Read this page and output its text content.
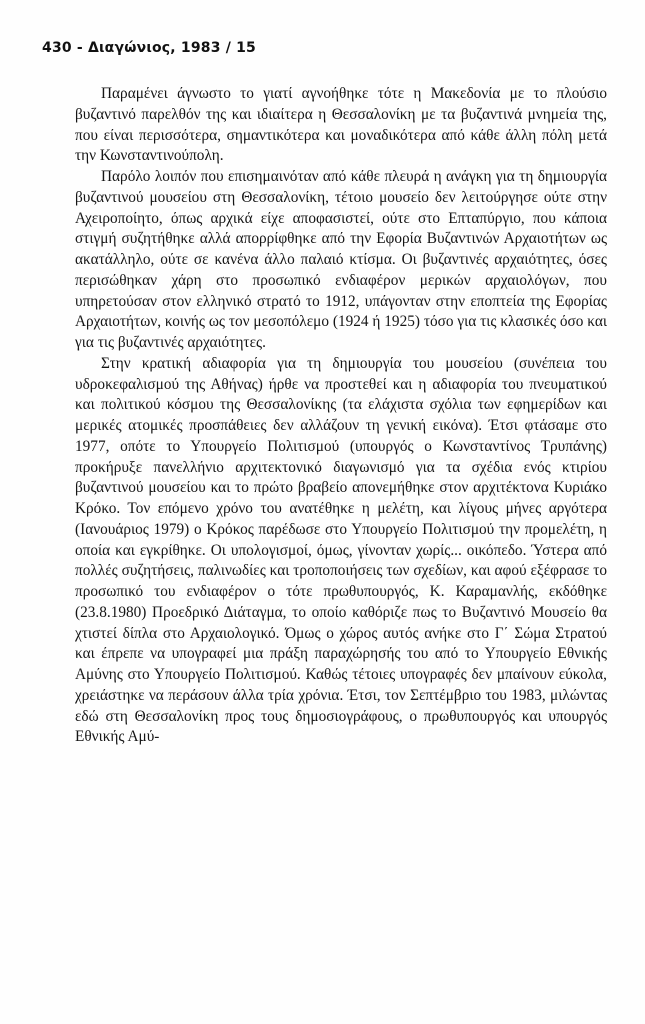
430 - Διαγώνιος, 1983 / 15

Παραμένει άγνωστο το γιατί αγνοήθηκε τότε η Μακεδονία με το πλούσιο βυζαντινό παρελθόν της και ιδιαίτερα η Θεσσαλονίκη με τα βυζαντινά μνημεία της, που είναι περισσότερα, σημαντικότερα και μοναδικότερα από κάθε άλλη πόλη μετά την Κωνσταντινούπολη.

Παρόλο λοιπόν που επισημαινόταν από κάθε πλευρά η ανάγκη για τη δημιουργία βυζαντινού μουσείου στη Θεσσαλονίκη, τέτοιο μουσείο δεν λειτούργησε ούτε στην Αχειροποίητο, όπως αρχικά είχε αποφασιστεί, ούτε στο Επταπύργιο, που κάποια στιγμή συζητήθηκε αλλά απορρίφθηκε από την Εφορία Βυζαντινών Αρχαιοτήτων ως ακατάλληλο, ούτε σε κανένα άλλο παλαιό κτίσμα. Οι βυζαντινές αρχαιότητες, όσες περισώθηκαν χάρη στο προσωπικό ενδιαφέρον μερικών αρχαιολόγων, που υπηρετούσαν στον ελληνικό στρατό το 1912, υπάγονταν στην εποπτεία της Εφορίας Αρχαιοτήτων, κοινής ως τον μεσοπόλεμο (1924 ή 1925) τόσο για τις κλασικές όσο και για τις βυζαντινές αρχαιότητες.

Στην κρατική αδιαφορία για τη δημιουργία του μουσείου (συνέπεια του υδροκεφαλισμού της Αθήνας) ήρθε να προστεθεί και η αδιαφορία του πνευματικού και πολιτικού κόσμου της Θεσσαλονίκης (τα ελάχιστα σχόλια των εφημερίδων και μερικές ατομικές προσπάθειες δεν αλλάζουν τη γενική εικόνα). Έτσι φτάσαμε στο 1977, οπότε το Υπουργείο Πολιτισμού (υπουργός ο Κωνσταντίνος Τρυπάνης) προκήρυξε πανελλήνιο αρχιτεκτονικό διαγωνισμό για τα σχέδια ενός κτιρίου βυζαντινού μουσείου και το πρώτο βραβείο απονεμήθηκε στον αρχιτέκτονα Κυριάκο Κρόκο. Τον επόμενο χρόνο του ανατέθηκε η μελέτη, και λίγους μήνες αργότερα (Ιανουάριος 1979) ο Κρόκος παρέδωσε στο Υπουργείο Πολιτισμού την προμελέτη, η οποία και εγκρίθηκε. Οι υπολογισμοί, όμως, γίνονταν χωρίς... οικόπεδο. Ύστερα από πολλές συζητήσεις, παλινωδίες και τροποποιήσεις των σχεδίων, και αφού εξέφρασε το προσωπικό του ενδιαφέρον ο τότε πρωθυπουργός, Κ. Καραμανλής, εκδόθηκε (23.8.1980) Προεδρικό Διάταγμα, το οποίο καθόριζε πως το Βυζαντινό Μουσείο θα χτιστεί δίπλα στο Αρχαιολογικό. Όμως ο χώρος αυτός ανήκε στο Γ΄ Σώμα Στρατού και έπρεπε να υπογραφεί μια πράξη παραχώρησής του από το Υπουργείο Εθνικής Αμύνης στο Υπουργείο Πολιτισμού. Καθώς τέτοιες υπογραφές δεν μπαίνουν εύκολα, χρειάστηκε να περάσουν άλλα τρία χρόνια. Έτσι, τον Σεπτέμβριο του 1983, μιλώντας εδώ στη Θεσσαλονίκη προς τους δημοσιογράφους, ο πρωθυπουργός και υπουργός Εθνικής Αμύ-
